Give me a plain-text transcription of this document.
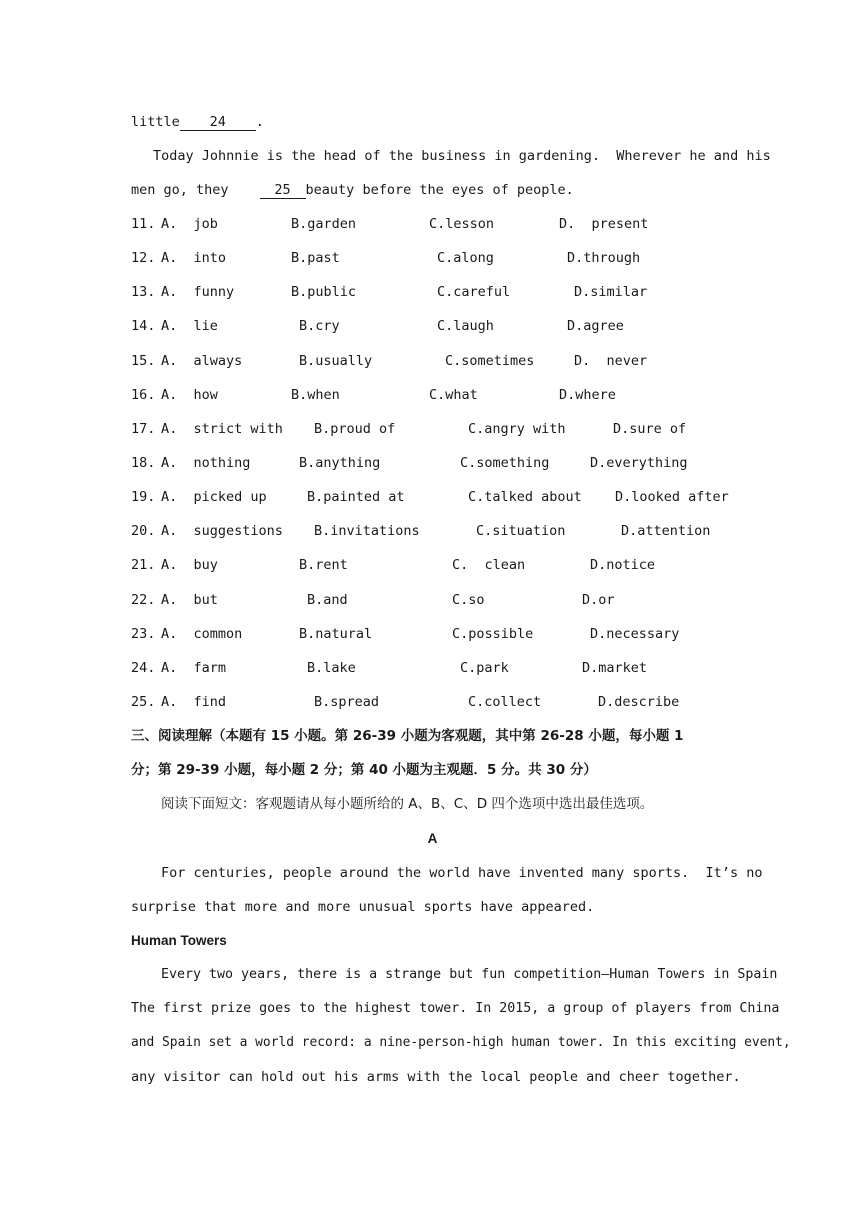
little 24 .
Today Johnnie is the head of the business in gardening.  Wherever he and his
men go, they	25 beauty before the eyes of people.
11. A.  job	B.garden	C.lesson	D.  present
12. A.  into	B.past	C.along	D.through
13. A.  funny	B.public	C.careful	D.similar
14. A.  lie	B.cry	C.laugh	D.agree
15. A.  always	B.usually	C.sometimes	D.  never
16. A.  how	B.when	C.what	D.where
17. A.  strict with B.proud of	C.angry with	D.sure of
18. A.  nothing	B.anything	C.something	D.everything
19. A.  picked up	B.painted at	C.talked about D.looked after
20. A.  suggestions B.invitations	C.situation	D.attention
21. A.  buy	B.rent	C.  clean	D.notice
22. A.  but	B.and	C.so	D.or
23. A.  common	B.natural	C.possible	D.necessary
24. A.  farm	B.lake	C.park	D.market
25. A.  find	B.spread	C.collect	D.describe
三、阅读理解（本题有 15 小题。第 26-39 小题为客观题，其中第 26-28 小题，每小题 1
分；第 29-39 小题，每小题 2 分；第 40 小题为主观题．5 分。共 30 分）
阅读下面短文：客观题请从每小题所给的 A、B、C、D 四个选项中选出最佳选项。
A
For centuries, people around the world have invented many sports.  It’s no
surprise that more and more unusual sports have appeared.
Human Towers
Every two years, there is a strange but fun competition—Human Towers in Spain
The first prize goes to the highest tower. In 2015, a group of players from China
and Spain set a world record: a nine-person-high human tower. In this exciting event,
any visitor can hold out his arms with the local people and cheer together.
